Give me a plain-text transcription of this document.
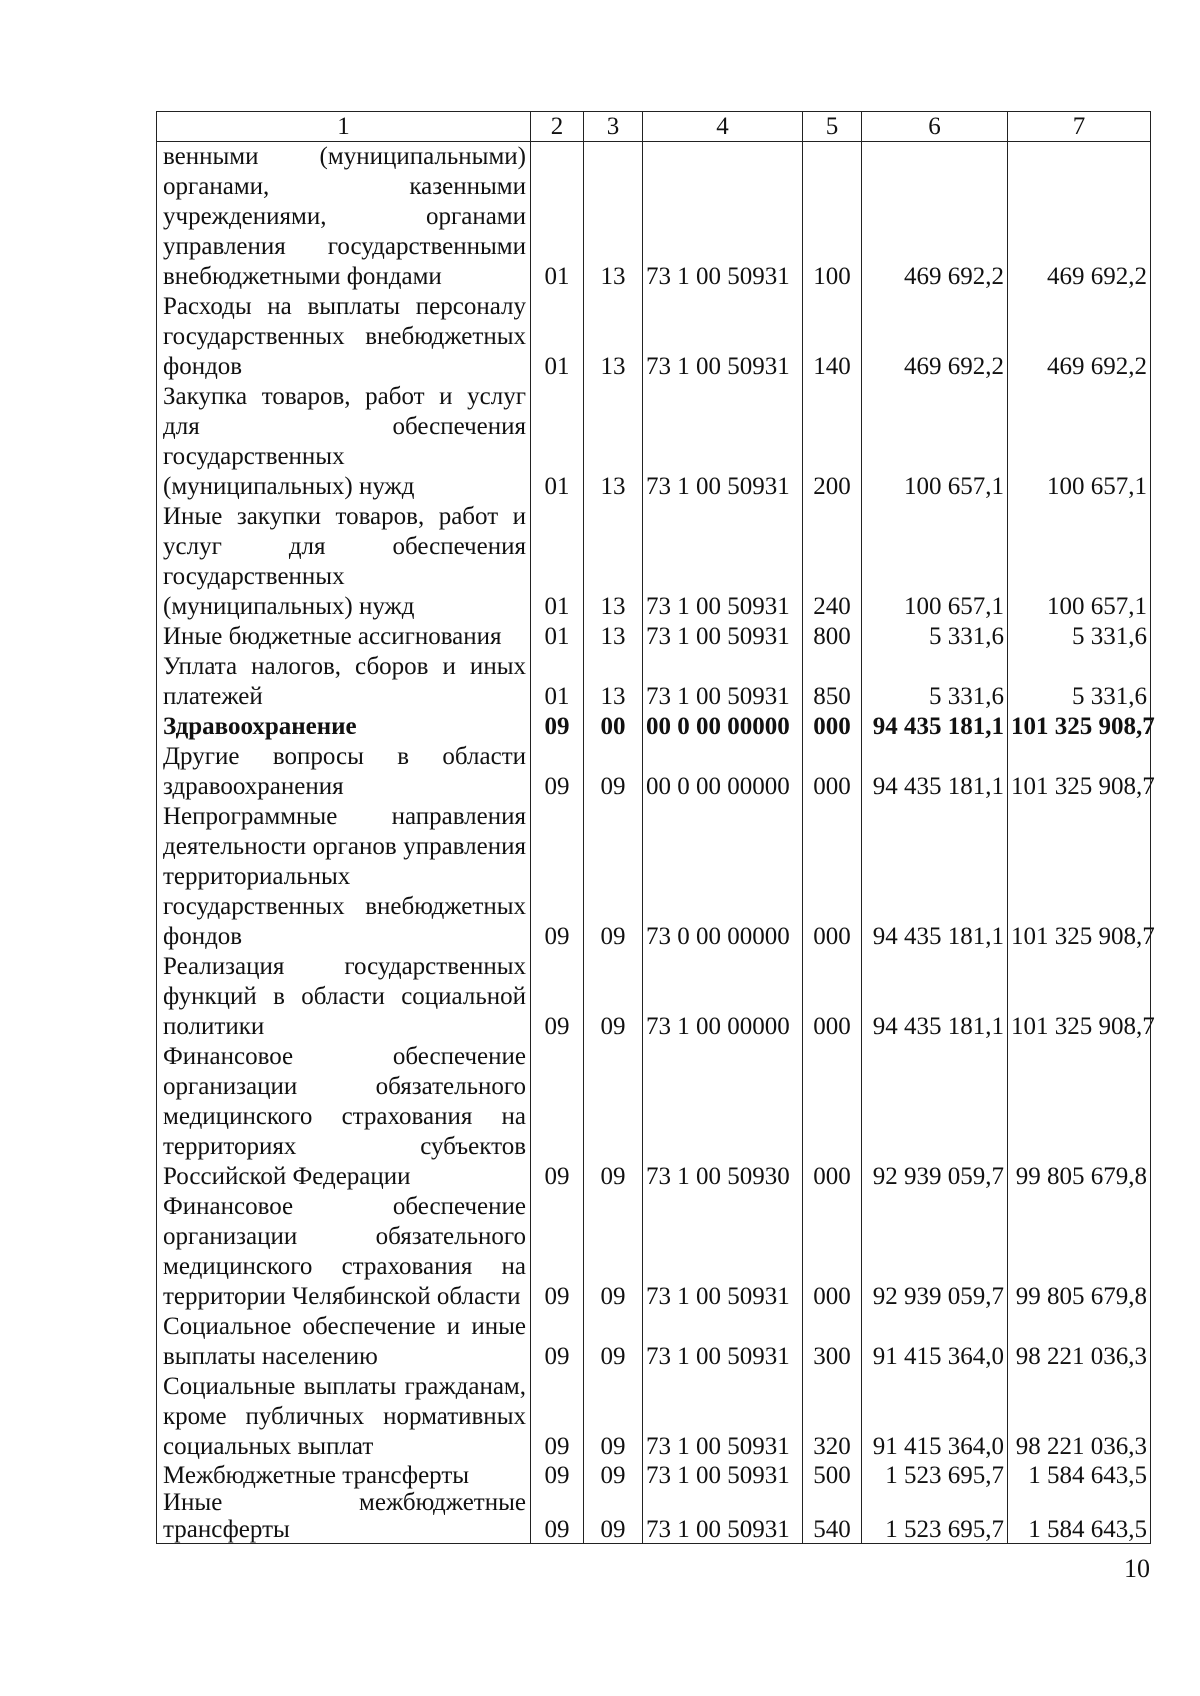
1	2	3	4	5	6	7
венными (муниципальными) органами, казенными учреждениями, органами управления государственными внебюджетными фондами	01	13	73 1 00 50931	100	469 692,2	469 692,2
Расходы на выплаты персоналу государственных внебюджетных фондов	01	13	73 1 00 50931	140	469 692,2	469 692,2
Закупка товаров, работ и услуг для обеспечения государственных (муниципальных) нужд	01	13	73 1 00 50931	200	100 657,1	100 657,1
Иные закупки товаров, работ и услуг для обеспечения государственных (муниципальных) нужд	01	13	73 1 00 50931	240	100 657,1	100 657,1
Иные бюджетные ассигнования	01	13	73 1 00 50931	800	5 331,6	5 331,6
Уплата налогов, сборов и иных платежей	01	13	73 1 00 50931	850	5 331,6	5 331,6
Здравоохранение	09	00	00 0 00 00000	000	94 435 181,1	101 325 908,7
Другие вопросы в области здравоохранения	09	09	00 0 00 00000	000	94 435 181,1	101 325 908,7
Непрограммные направления деятельности органов управления территориальных государственных внебюджетных фондов	09	09	73 0 00 00000	000	94 435 181,1	101 325 908,7
Реализация государственных функций в области социальной политики	09	09	73 1 00 00000	000	94 435 181,1	101 325 908,7
Финансовое обеспечение организации обязательного медицинского страхования на территориях субъектов Российской Федерации	09	09	73 1 00 50930	000	92 939 059,7	99 805 679,8
Финансовое обеспечение организации обязательного медицинского страхования на территории Челябинской области	09	09	73 1 00 50931	000	92 939 059,7	99 805 679,8
Социальное обеспечение и иные выплаты населению	09	09	73 1 00 50931	300	91 415 364,0	98 221 036,3
Социальные выплаты гражданам, кроме публичных нормативных социальных выплат	09	09	73 1 00 50931	320	91 415 364,0	98 221 036,3
Межбюджетные трансферты	09	09	73 1 00 50931	500	1 523 695,7	1 584 643,5
Иные межбюджетные трансферты	09	09	73 1 00 50931	540	1 523 695,7	1 584 643,5
10
